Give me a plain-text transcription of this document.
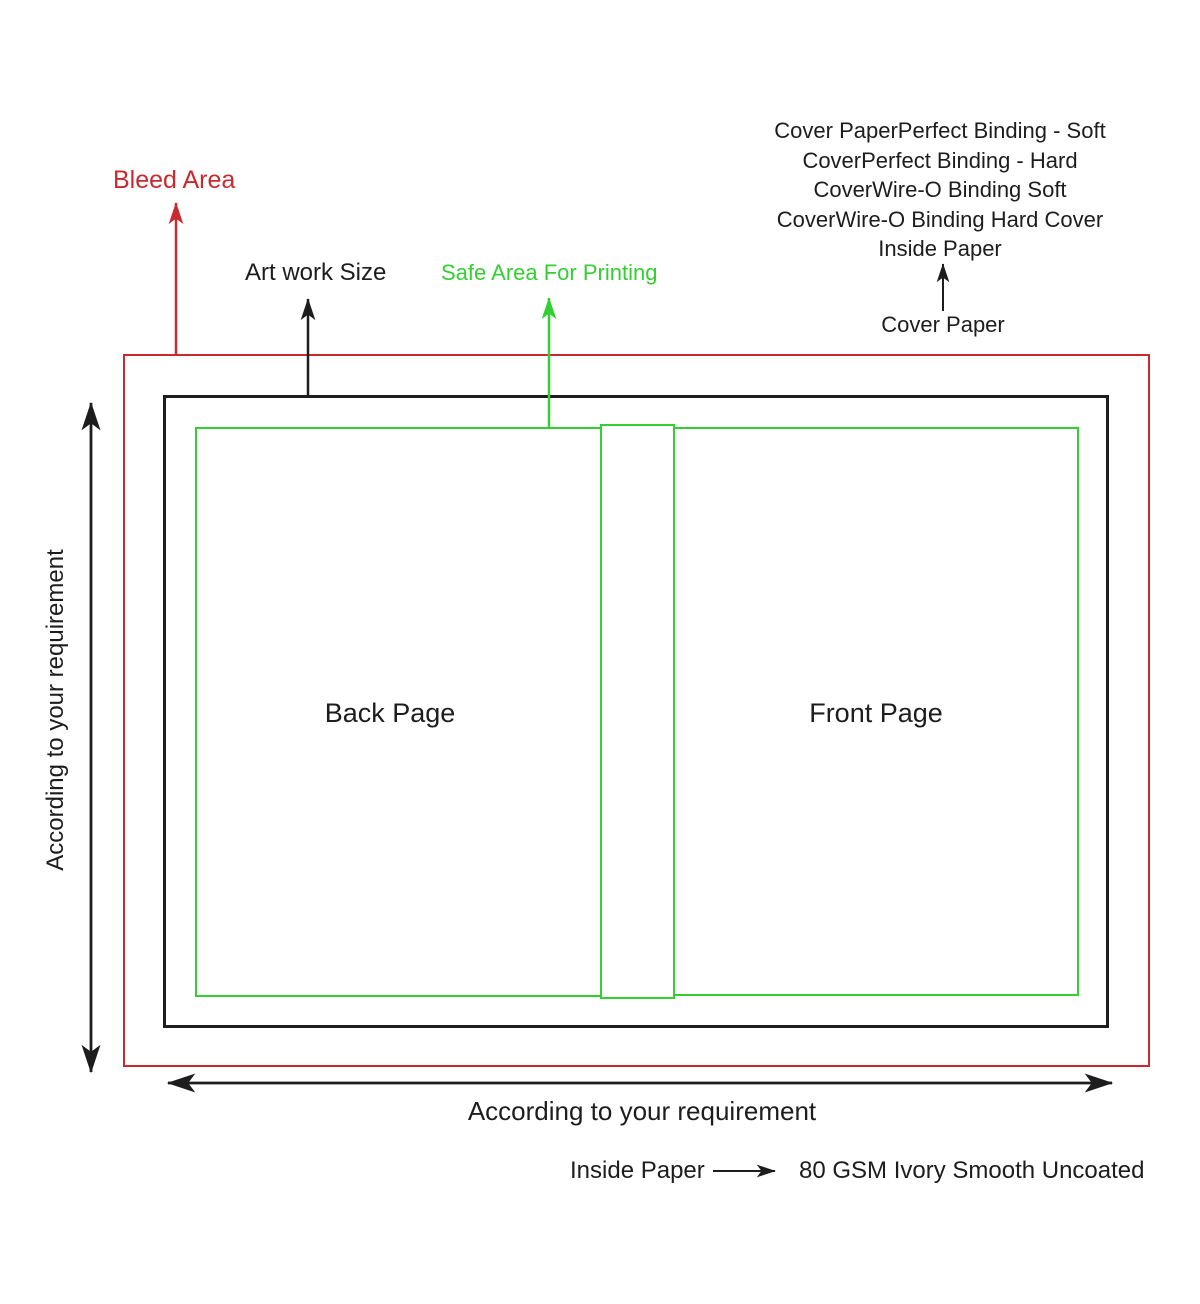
Bleed Area
Art work Size Safe Area For Printing
Cover PaperPerfect Binding - Soft
CoverPerfect Binding - Hard
CoverWire-O Binding Soft
CoverWire-O Binding Hard Cover
Inside Paper
Cover Paper
Back Page	Front Page
According to your requirement
According to your requirement
Inside Paper	80 GSM Ivory Smooth Uncoated
